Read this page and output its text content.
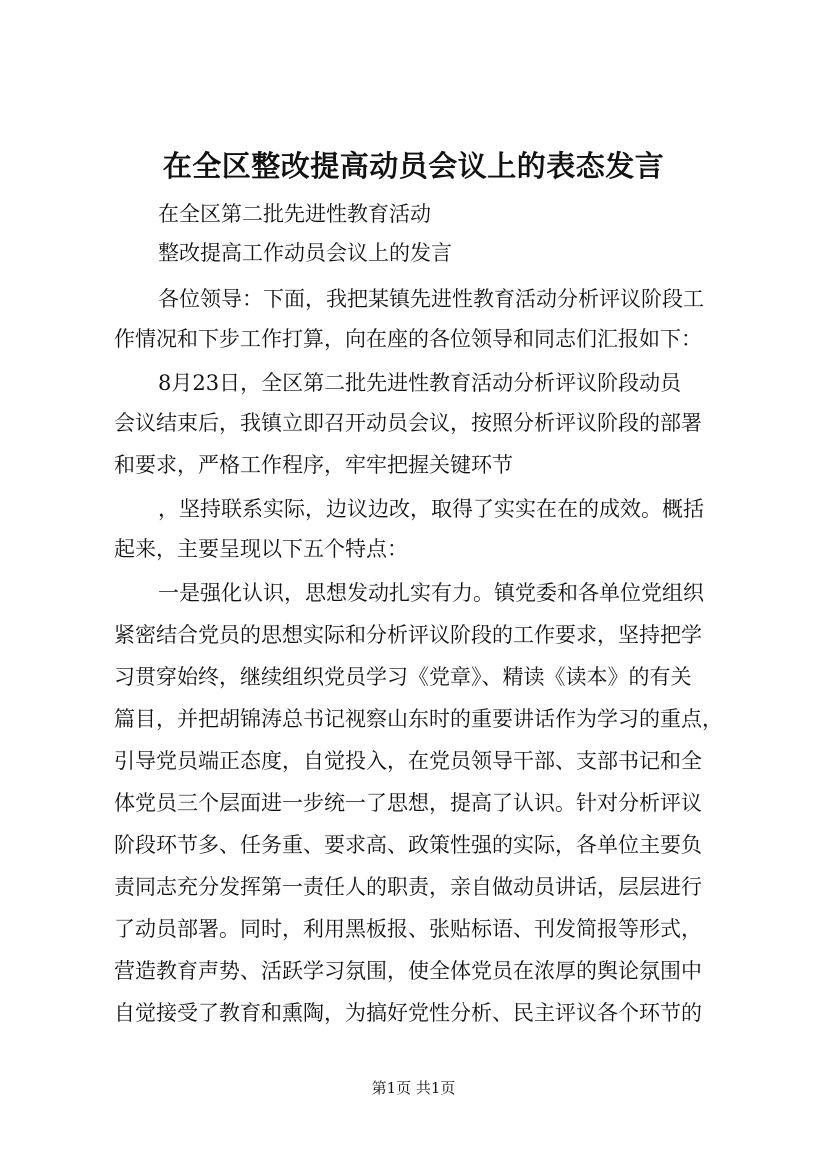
在全区整改提高动员会议上的表态发言
在全区第二批先进性教育活动
整改提高工作动员会议上的发言
各位领导：下面，我把某镇先进性教育活动分析评议阶段工
作情况和下步工作打算，向在座的各位领导和同志们汇报如下：
8月23日，全区第二批先进性教育活动分析评议阶段动员
会议结束后，我镇立即召开动员会议，按照分析评议阶段的部署
和要求，严格工作程序，牢牢把握关键环节
，坚持联系实际，边议边改，取得了实实在在的成效。概括
起来，主要呈现以下五个特点：
一是强化认识，思想发动扎实有力。镇党委和各单位党组织
紧密结合党员的思想实际和分析评议阶段的工作要求，坚持把学
习贯穿始终，继续组织党员学习《党章》、精读《读本》的有关
篇目，并把胡锦涛总书记视察山东时的重要讲话作为学习的重点，
引导党员端正态度，自觉投入，在党员领导干部、支部书记和全
体党员三个层面进一步统一了思想，提高了认识。针对分析评议
阶段环节多、任务重、要求高、政策性强的实际，各单位主要负
责同志充分发挥第一责任人的职责，亲自做动员讲话，层层进行
了动员部署。同时，利用黑板报、张贴标语、刊发简报等形式，
营造教育声势、活跃学习氛围，使全体党员在浓厚的舆论氛围中
自觉接受了教育和熏陶，为搞好党性分析、民主评议各个环节的
第1页 共1页
